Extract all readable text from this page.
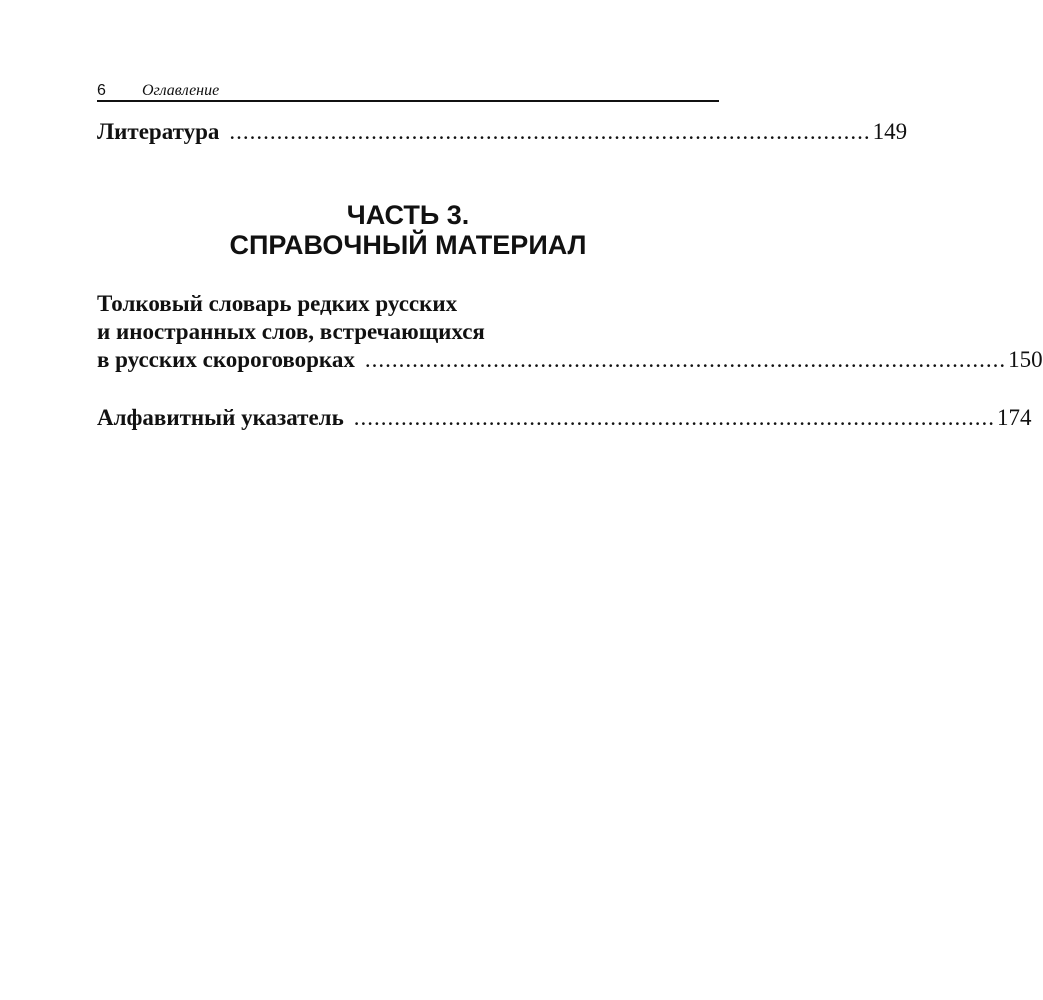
6 Оглавление
Литература ............................................................................................... 149
ЧАСТЬ 3.
СПРАВОЧНЫЙ МАТЕРИАЛ
Толковый словарь редких русских
и иностранных слов, встречающихся
в русских скороговорках ............................................................................................... 150
Алфавитный указатель ............................................................................................... 174
